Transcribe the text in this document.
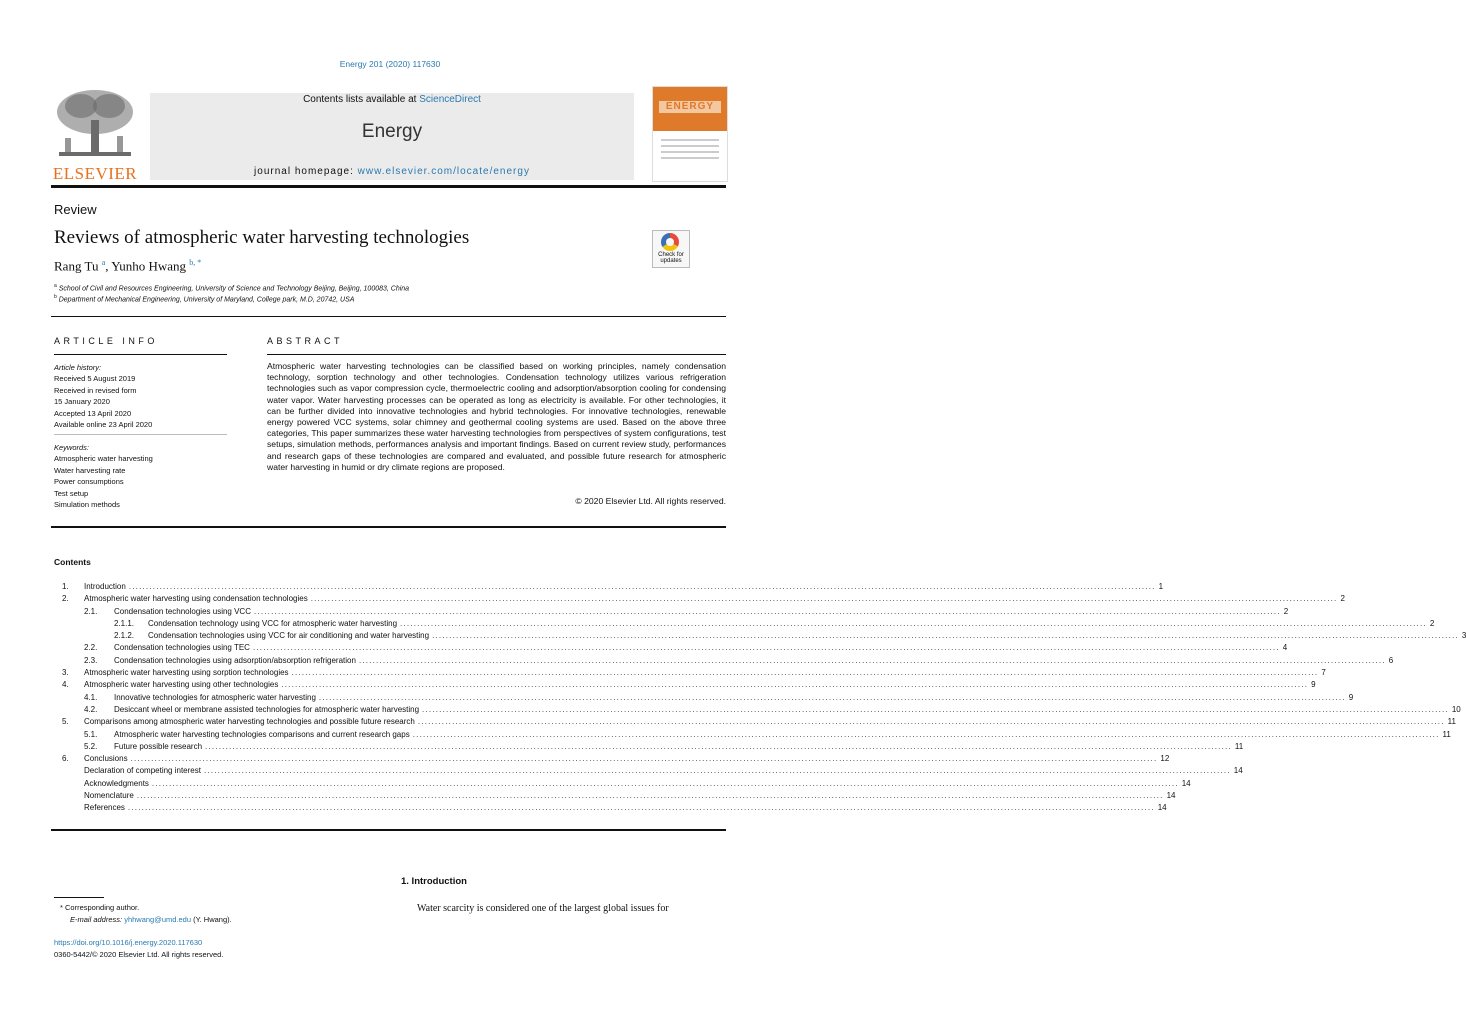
Energy 201 (2020) 117630
ELSEVIER
Contents lists available at ScienceDirect
Energy
journal homepage: www.elsevier.com/locate/energy
ENERGY
Review
Reviews of atmospheric water harvesting technologies
Check for updates
Rang Tu $^a$, Yunho Hwang $^{b, *}$
$^a$ School of Civil and Resources Engineering, University of Science and Technology Beijing, Beijing, 100083, China
$^b$ Department of Mechanical Engineering, University of Maryland, College park, M.D, 20742, USA
ARTICLE INFO
Article history:
Received 5 August 2019
Received in revised form
15 January 2020
Accepted 13 April 2020
Available online 23 April 2020
Keywords:
Atmospheric water harvesting
Water harvesting rate
Power consumptions
Test setup
Simulation methods
ABSTRACT
Atmospheric water harvesting technologies can be classified based on working principles, namely condensation technology, sorption technology and other technologies. Condensation technology utilizes various refrigeration technologies such as vapor compression cycle, thermoelectric cooling and adsorption/absorption cooling for condensing water vapor. Water harvesting processes can be operated as long as electricity is available. For other technologies, it can be further divided into innovative technologies and hybrid technologies. For innovative technologies, renewable energy powered VCC systems, solar chimney and geothermal cooling systems are used. Based on the above three categories, This paper summarizes these water harvesting technologies from perspectives of system configurations, test setups, simulation methods, performances analysis and important findings. Based on current review study, performances and research gaps of these technologies are compared and evaluated, and possible future research for atmospheric water harvesting in humid or dry climate regions are proposed.
© 2020 Elsevier Ltd. All rights reserved.
Contents
1.	Introduction ............................................................................................................................................................................................................................................................................................................ 1
2.	Atmospheric water harvesting using condensation technologies ............................................................................................................................................................................................................................................................................................................ 2
2.1.	Condensation technologies using VCC ............................................................................................................................................................................................................................................................................................................ 2
2.1.1.	Condensation technology using VCC for atmospheric water harvesting ............................................................................................................................................................................................................................................................................................................ 2
2.1.2.	Condensation technologies using VCC for air conditioning and water harvesting ............................................................................................................................................................................................................................................................................................................ 3
2.2.	Condensation technologies using TEC ............................................................................................................................................................................................................................................................................................................ 4
2.3.	Condensation technologies using adsorption/absorption refrigeration ............................................................................................................................................................................................................................................................................................................ 6
3.	Atmospheric water harvesting using sorption technologies ............................................................................................................................................................................................................................................................................................................ 7
4.	Atmospheric water harvesting using other technologies ............................................................................................................................................................................................................................................................................................................ 9
4.1.	Innovative technologies for atmospheric water harvesting ............................................................................................................................................................................................................................................................................................................ 9
4.2.	Desiccant wheel or membrane assisted technologies for atmospheric water harvesting ............................................................................................................................................................................................................................................................................................................ 10
5.	Comparisons among atmospheric water harvesting technologies and possible future research ............................................................................................................................................................................................................................................................................................................ 11
5.1.	Atmospheric water harvesting technologies comparisons and current research gaps ............................................................................................................................................................................................................................................................................................................ 11
5.2.	Future possible research ............................................................................................................................................................................................................................................................................................................ 11
6.	Conclusions ............................................................................................................................................................................................................................................................................................................ 12
Declaration of competing interest ............................................................................................................................................................................................................................................................................................................ 14
Acknowledgments ............................................................................................................................................................................................................................................................................................................ 14
Nomenclature ............................................................................................................................................................................................................................................................................................................ 14
References ............................................................................................................................................................................................................................................................................................................ 14
1. Introduction
Water scarcity is considered one of the largest global issues for
* Corresponding author.
E-mail address: yhhwang@umd.edu (Y. Hwang).
https://doi.org/10.1016/j.energy.2020.117630
0360-5442/© 2020 Elsevier Ltd. All rights reserved.
